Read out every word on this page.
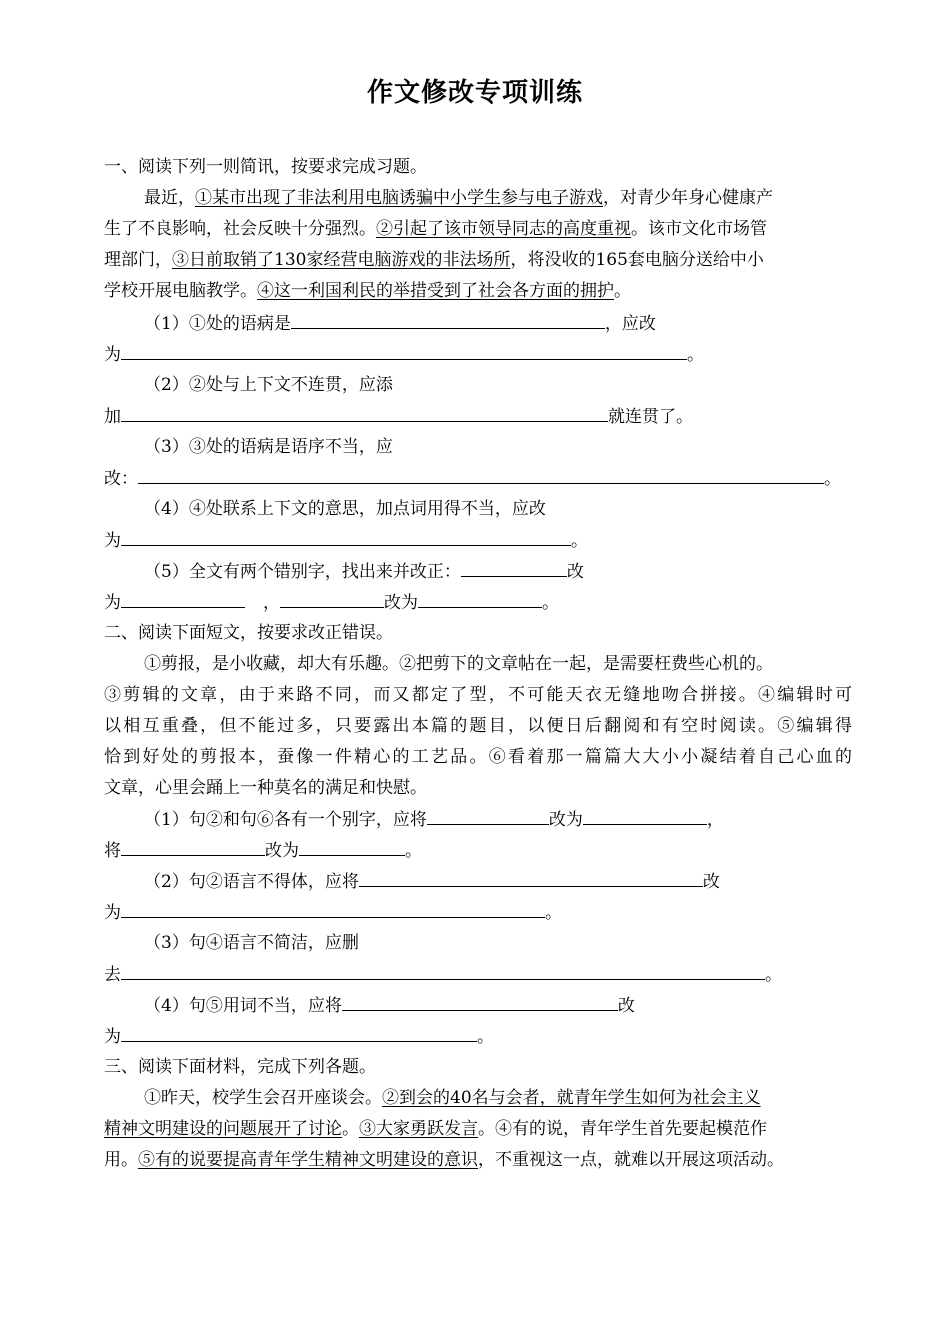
作文修改专项训练
一、阅读下列一则简讯，按要求完成习题。
最近，①某市出现了非法利用电脑诱骗中小学生参与电子游戏，对青少年身心健康产
生了不良影响，社会反映十分强烈。②引起了该市领导同志的高度重视。该市文化市场管
理部门，③日前取销了130家经营电脑游戏的非法场所，将没收的165套电脑分送给中小
学校开展电脑教学。④这一利国利民的举措受到了社会各方面的拥护。
（1）①处的语病是	，应改
为	。
（2）②处与上下文不连贯，应添
加	就连贯了。
（3）③处的语病是语序不当，应
改：	。
（4）④处联系上下文的意思，加点词用得不当，应改
为	。
（5）全文有两个错别字，找出来并改正：	改
为	，	改为	。
二、阅读下面短文，按要求改正错误。
①剪报，是小收藏，却大有乐趣。②把剪下的文章帖在一起，是需要枉费些心机的。
③剪辑的文章，由于来路不同，而又都定了型，不可能天衣无缝地吻合拼接。④编辑时可
以相互重叠，但不能过多，只要露出本篇的题目，以便日后翻阅和有空时阅读。⑤编辑得
恰到好处的剪报本，蚕像一件精心的工艺品。⑥看着那一篇篇大大小小凝结着自己心血的
文章，心里会踊上一种莫名的满足和快慰。
（1）句②和句⑥各有一个别字，应将	改为	，
将	改为	。
（2）句②语言不得体，应将	改
为	。
（3）句④语言不简洁，应删
去	。
（4）句⑤用词不当，应将	改
为	。
三、阅读下面材料，完成下列各题。
①昨天，校学生会召开座谈会。②到会的40名与会者，就青年学生如何为社会主义
精神文明建设的问题展开了讨论。③大家勇跃发言。④有的说，青年学生首先要起模范作
用。⑤有的说要提高青年学生精神文明建设的意识，不重视这一点，就难以开展这项活动。
